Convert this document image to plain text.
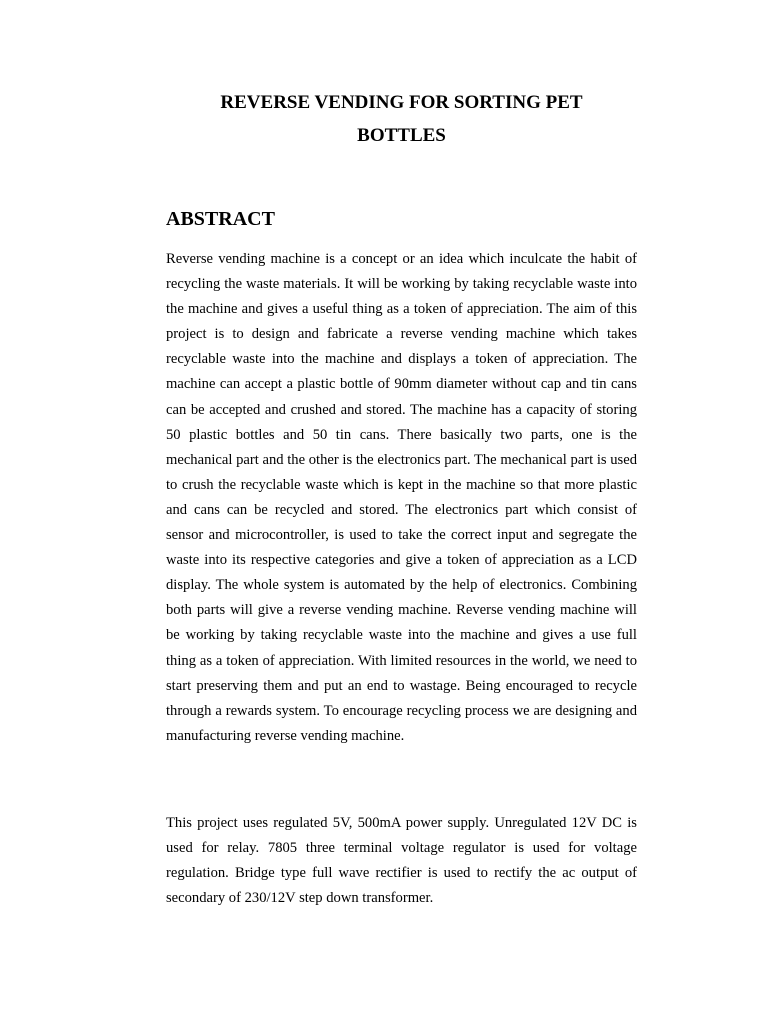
REVERSE VENDING FOR SORTING PET
BOTTLES
ABSTRACT

Reverse vending machine is a concept or an idea which inculcate the habit of recycling the waste materials. It will be working by taking recyclable waste into the machine and gives a useful thing as a token of appreciation. The aim of this project is to design and fabricate a reverse vending machine which takes recyclable waste into the machine and displays a token of appreciation. The machine can accept a plastic bottle of 90mm diameter without cap and tin cans can be accepted and crushed and stored. The machine has a capacity of storing 50 plastic bottles and 50 tin cans. There basically two parts, one is the mechanical part and the other is the electronics part. The mechanical part is used to crush the recyclable waste which is kept in the machine so that more plastic and cans can be recycled and stored. The electronics part which consist of sensor and microcontroller, is used to take the correct input and segregate the waste into its respective categories and give a token of appreciation as a LCD display. The whole system is automated by the help of electronics. Combining both parts will give a reverse vending machine. Reverse vending machine will be working by taking recyclable waste into the machine and gives a use full thing as a token of appreciation. With limited resources in the world, we need to start preserving them and put an end to wastage. Being encouraged to recycle through a rewards system. To encourage recycling process we are designing and manufacturing reverse vending machine.

This project uses regulated 5V, 500mA power supply. Unregulated 12V DC is used for relay. 7805 three terminal voltage regulator is used for voltage regulation. Bridge type full wave rectifier is used to rectify the ac output of secondary of 230/12V step down transformer.
